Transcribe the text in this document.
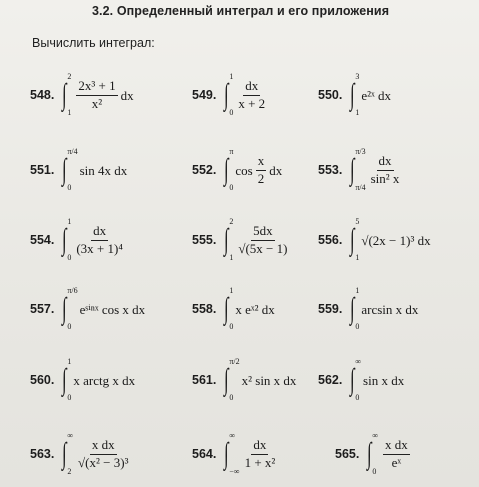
3.2. Определенный интеграл и его приложения
Вычислить интеграл:
548. ∫
2
1
$\frac{\text{2x³ + 1}}{\text{x²}}$ dx	549. ∫
1
0
$\frac{dx}{x + 2}$	550. ∫
3
1
e²ˣ dx
551. ∫
π/4
0
sin 4x dx	552. ∫
π
0
$\cos \frac{x}{2}$ dx	553. ∫
π/3
π/4
$\frac{dx}{\text{sin² x}}$
554. ∫
1
0
$\frac{dx}{\text{(3x + 1)⁴}}$	555. ∫
2
1
$\frac{5dx}{√(5x - 1)} 556$. ∫
5
1
√(2x − 1)³ dx
557. ∫
π/6
0
eˢⁱⁿˣ cos x dx	558. ∫
1
0
x eˣ² dx	559. ∫
1
0
arcsin x dx
560. ∫
1
0
x arctg x dx	561. ∫
π/2
0
x² sin x dx 562. ∫
∞
0
sin x dx
563. ∫
∞
2
$\frac{\text{x dx}}{\text{√(x² − 3)³}}$	564. ∫
∞
−∞
$\frac{dx}{\text{1 + x²}}$	565. ∫
∞
0
$\frac{\text{x dx}}{\text{eˣ}}$
